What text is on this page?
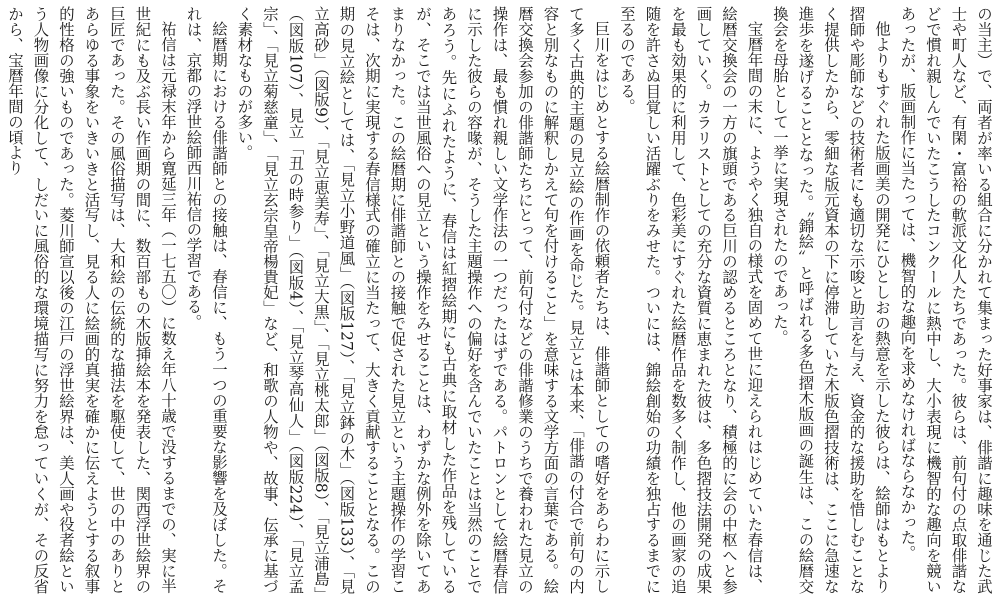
の当主）で、両者が率いる組合に分かれて集まった好事家は、俳諧に趣味を通じた武士や町人など、有閑・富裕の軟派文化人たちであった。彼らは、前句付の点取俳諧などで慣れ親しんでいたこうしたコンクールに熱中し、大小表現に機智的な趣向を競いあったが、版画制作に当たっては、機智的な趣向を求めなければならなかった。

他よりもすぐれた版画美の開発にひとしおの熱意を示した彼らは、絵師はもとより摺師や彫師などの技術者にも適切な示唆と助言を与え、資金的な援助を惜しむことなく提供したから、零細な版元資本の下に停滞していた木版色摺技術は、ここに急速な進歩を遂げることとなった。〝錦絵〟と呼ばれる多色摺木版画の誕生は、この絵暦交換会を母胎として一挙に実現されたのであった。

宝暦年間の末に、ようやく独自の様式を固めて世に迎えられはじめていた春信は、絵暦交換会の一方の旗頭である巨川の認めるところとなり、積極的に会の中枢へと参画していく。カラリストとしての充分な資質に恵まれた彼は、多色摺技法開発の成果を最も効果的に利用して、色彩美にすぐれた絵暦作品を数多く制作し、他の画家の追随を許さぬ目覚しい活躍ぶりをみせた。ついには、錦絵創始の功績を独占するまでに至るのである。

巨川をはじめとする絵暦制作の依頼者たちは、俳諧師としての嗜好をあらわに示して多く古典的主題の見立絵の作画を命じた。見立とは本来、「俳諧の付合で前句の内容と別なものに解釈しかえて句を付けること」を意味する文学方面の言葉である。絵暦交換会参加の俳諧師たちにとって、前句付などの俳諧修業のうちで養われた見立の操作は、最も慣れ親しい文学作法の一つだったはずである。パトロンとして絵暦春信に示した彼らの容喙が、そうした主題操作への偏好を含んでいたことは当然のことであろう。先にふれたように、春信は紅摺絵期にも古典に取材した作品を残しているが、そこでは当世風俗への見立という操作をみせることは、わずかな例外を除いてあまりなかった。この絵暦期に俳諧師との接触で促された見立という主題操作の学習こそは、次期に実現する春信様式の確立に当たって、大きく貢献することとなる。この期の見立絵としては、「見立小野道風」（図版127）、「見立鉢の木」（図版133）、「見立高砂」（図版9）、「見立恵美寿」、「見立大黒」、「見立桃太郎」（図版8）、「見立浦島」（図版107）、見立「丑の時参り」（図版4）、「見立琴高仙人」（図版224）、「見立孟宗」、「見立菊慈童」、「見立玄宗皇帝楊貴妃」など、和歌の人物や、故事、伝承に基づく素材なものが多い。

絵暦期における俳諧師との接触は、春信に、もう一つの重要な影響を及ぼした。それは、京都の浮世絵師西川祐信の学習である。

祐信は元禄末年から寛延三年（一七五〇）に数え年八十歳で没するまでの、実に半世紀にも及ぶ長い作画期の間に、数百部もの木版挿絵本を発表した、関西浮世絵界の巨匠であった。その風俗描写は、大和絵の伝統的な描法を駆使して、世の中のありとあらゆる事象をいきいきと活写し、見る人に絵画的真実を確かに伝えようとする叙事的性格の強いものであった。菱川師宣以後の江戸の浮世絵界は、美人画や役者絵という人物画像に分化して、しだいに風俗的な環境描写に努力を怠っていくが、その反省から、宝暦年間の頃より
